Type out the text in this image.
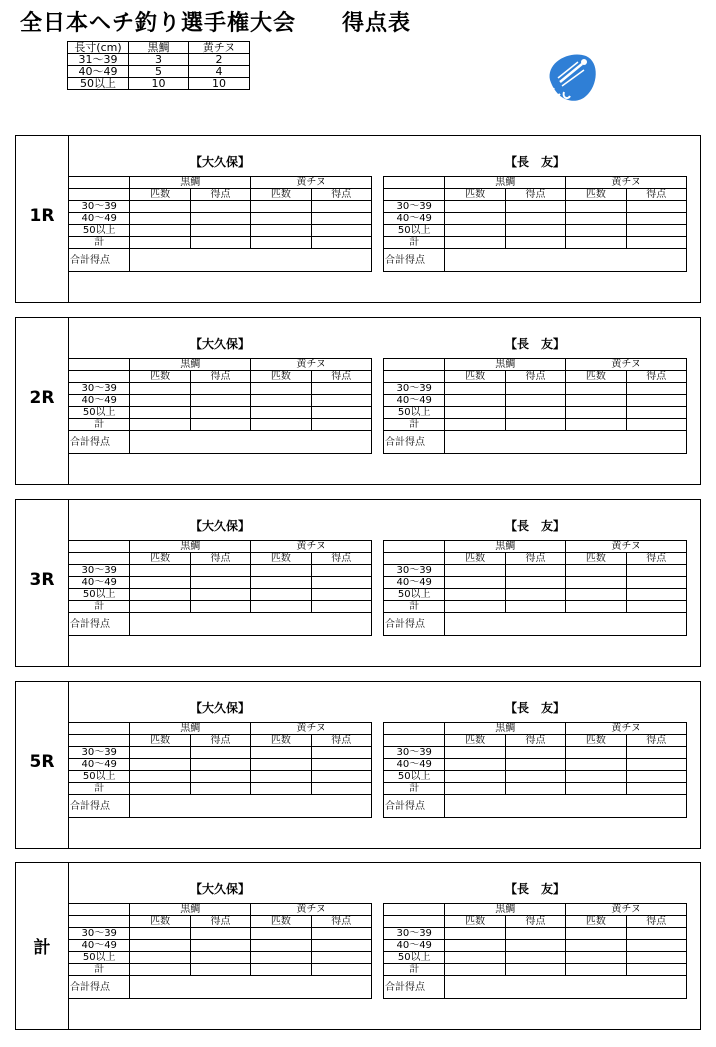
全日本ヘチ釣り選手権大会　　得点表
長寸(cm)	黒鯛	黄チヌ
31～39	3	2
40～49	5	4
50以上	10	10
1R
【大久保】
	黒鯛		黄チヌ	
	匹数	得点	匹数	得点
30～39				
40～49				
50以上				
計				
合計得点				
【長　友】
	黒鯛		黄チヌ	
	匹数	得点	匹数	得点
30～39				
40～49				
50以上				
計				
合計得点				
2R
【大久保】
	黒鯛		黄チヌ	
	匹数	得点	匹数	得点
30～39				
40～49				
50以上				
計				
合計得点				
【長　友】
	黒鯛		黄チヌ	
	匹数	得点	匹数	得点
30～39				
40～49				
50以上				
計				
合計得点				
3R
【大久保】
	黒鯛		黄チヌ	
	匹数	得点	匹数	得点
30～39				
40～49				
50以上				
計				
合計得点				
【長　友】
	黒鯛		黄チヌ	
	匹数	得点	匹数	得点
30～39				
40～49				
50以上				
計				
合計得点				
5R
【大久保】
	黒鯛		黄チヌ	
	匹数	得点	匹数	得点
30～39				
40～49				
50以上				
計				
合計得点				
【長　友】
	黒鯛		黄チヌ	
	匹数	得点	匹数	得点
30～39				
40～49				
50以上				
計				
合計得点				
計
【大久保】
	黒鯛		黄チヌ	
	匹数	得点	匹数	得点
30～39				
40～49				
50以上				
計				
合計得点				
【長　友】
	黒鯛		黄チヌ	
	匹数	得点	匹数	得点
30～39				
40～49				
50以上				
計				
合計得点				
